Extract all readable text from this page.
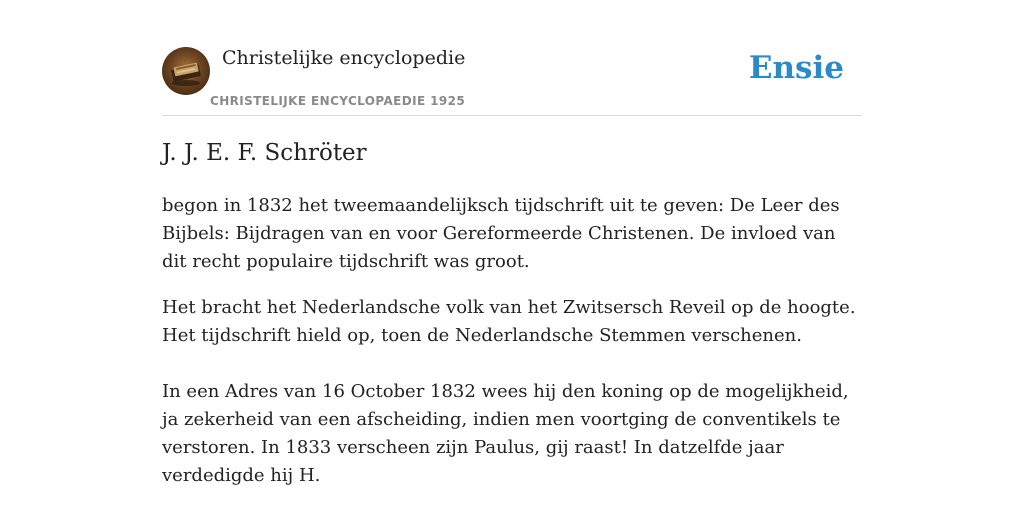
Christelijke encyclopedie
CHRISTELIJKE ENCYCLOPAEDIE 1925
Ensie
J. J. E. F. Schröter

begon in 1832 het tweemaandelijksch tijdschrift uit te geven: De Leer des Bijbels: Bijdragen van en voor Gereformeerde Christenen. De invloed van dit recht populaire tijdschrift was groot.

Het bracht het Nederlandsche volk van het Zwitsersch Reveil op de hoogte. Het tijdschrift hield op, toen de Nederlandsche Stemmen verschenen.

In een Adres van 16 October 1832 wees hij den koning op de mogelijkheid, ja zekerheid van een afscheiding, indien men voortging de conventikels te verstoren. In 1833 verscheen zijn Paulus, gij raast! In datzelfde jaar verdedigde hij H.
